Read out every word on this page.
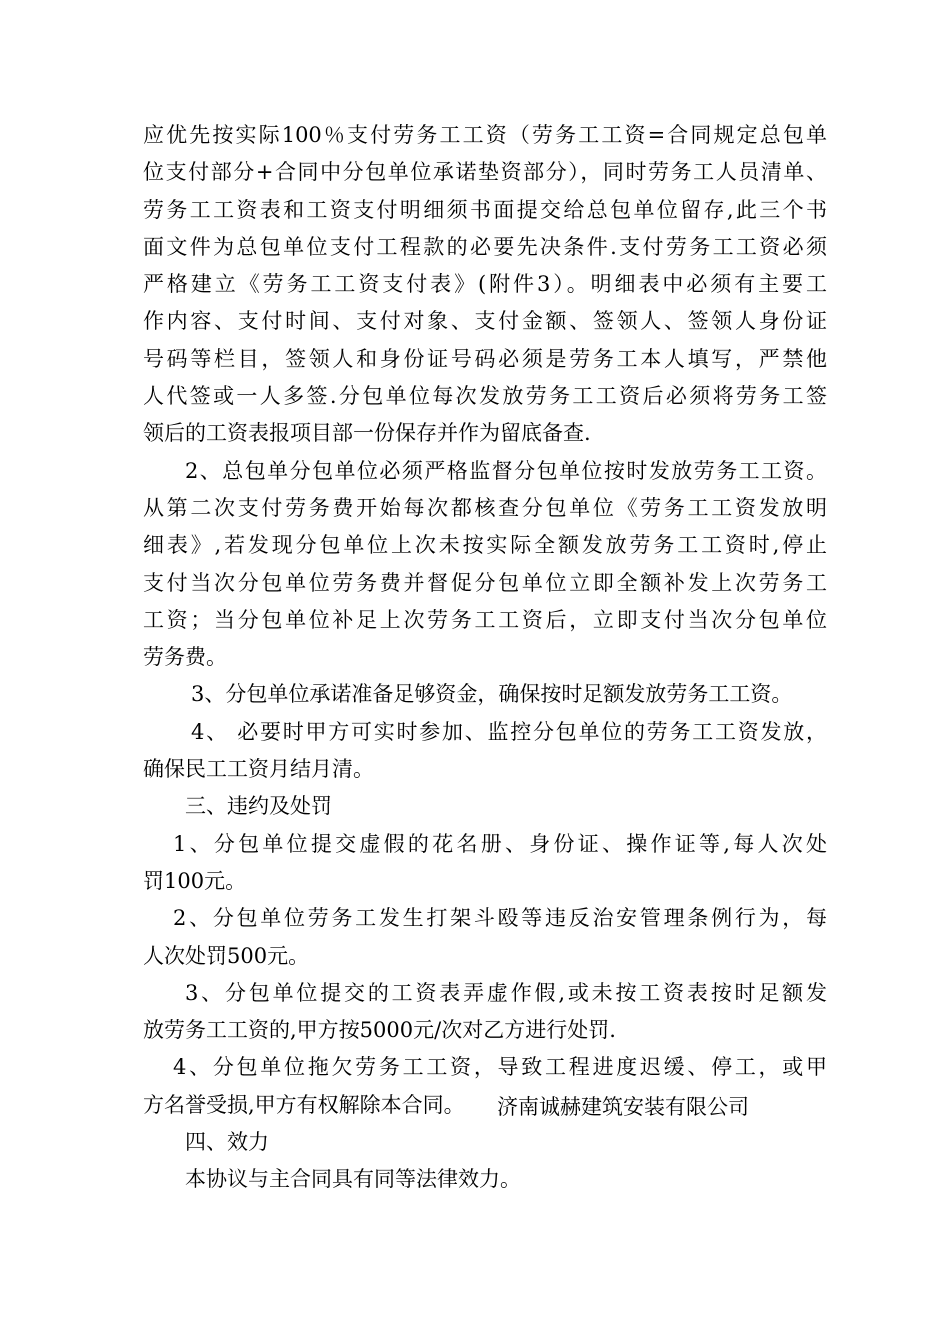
应优先按实际100％支付劳务工工资（劳务工工资=合同规定总包单
位支付部分+合同中分包单位承诺垫资部分），同时劳务工人员清单、
劳务工工资表和工资支付明细须书面提交给总包单位留存,此三个书
面文件为总包单位支付工程款的必要先决条件.支付劳务工工资必须
严格建立《劳务工工资支付表》(附件3）。明细表中必须有主要工
作内容、支付时间、支付对象、支付金额、签领人、签领人身份证
号码等栏目，签领人和身份证号码必须是劳务工本人填写，严禁他
人代签或一人多签.分包单位每次发放劳务工工资后必须将劳务工签
领后的工资表报项目部一份保存并作为留底备查.
2、总包单分包单位必须严格监督分包单位按时发放劳务工工资。
从第二次支付劳务费开始每次都核查分包单位《劳务工工资发放明
细表》,若发现分包单位上次未按实际全额发放劳务工工资时,停止
支付当次分包单位劳务费并督促分包单位立即全额补发上次劳务工
工资；当分包单位补足上次劳务工工资后，立即支付当次分包单位
劳务费。
3、分包单位承诺准备足够资金，确保按时足额发放劳务工工资。
4、 必要时甲方可实时参加、监控分包单位的劳务工工资发放，
确保民工工资月结月清。
三、违约及处罚
1、分包单位提交虚假的花名册、身份证、操作证等,每人次处
罚100元。
2、分包单位劳务工发生打架斗殴等违反治安管理条例行为，每
人次处罚500元。
3、分包单位提交的工资表弄虚作假,或未按工资表按时足额发
放劳务工工资的,甲方按5000元/次对乙方进行处罚.
4、分包单位拖欠劳务工工资，导致工程进度迟缓、停工，或甲
方名誉受损,甲方有权解除本合同。
四、效力
本协议与主合同具有同等法律效力。
济南诚赫建筑安装有限公司
